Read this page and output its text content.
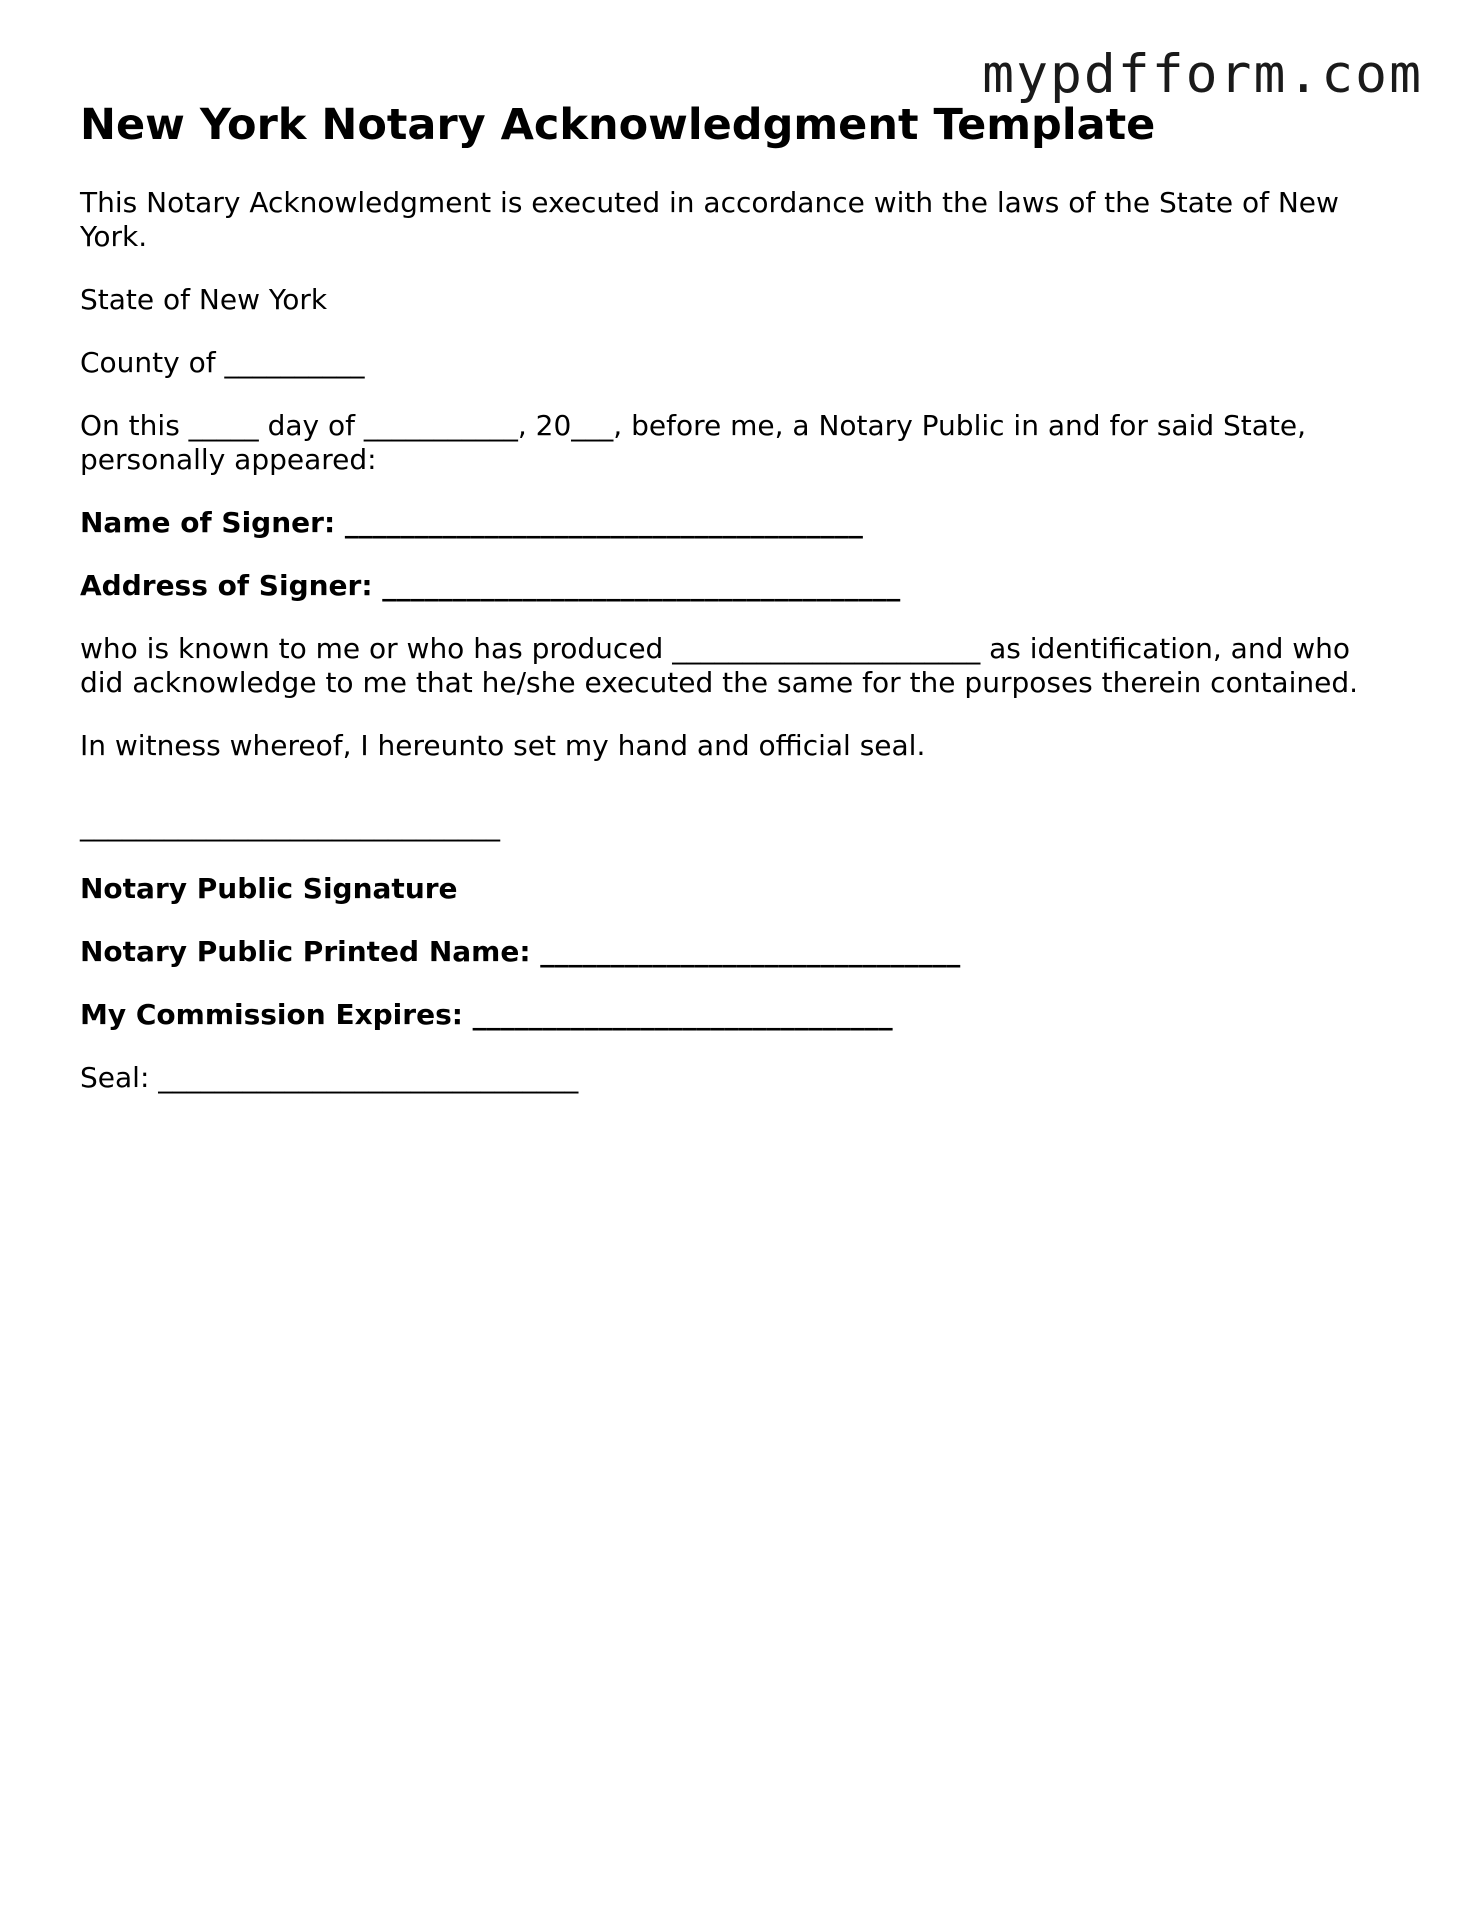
mypdfform.com
New York Notary Acknowledgment Template

This Notary Acknowledgment is executed in accordance with the laws of the State of New York.

State of New York

County of __________

On this _____ day of ___________, 20___, before me, a Notary Public in and for said State, personally appeared:

Name of Signer: _____________________________________

Address of Signer: _____________________________________

who is known to me or who has produced ______________________ as identification, and who did acknowledge to me that he/she executed the same for the purposes therein contained.

In witness whereof, I hereunto set my hand and official seal.

______________________________

Notary Public Signature

Notary Public Printed Name: ______________________________

My Commission Expires: ______________________________

Seal: ______________________________
